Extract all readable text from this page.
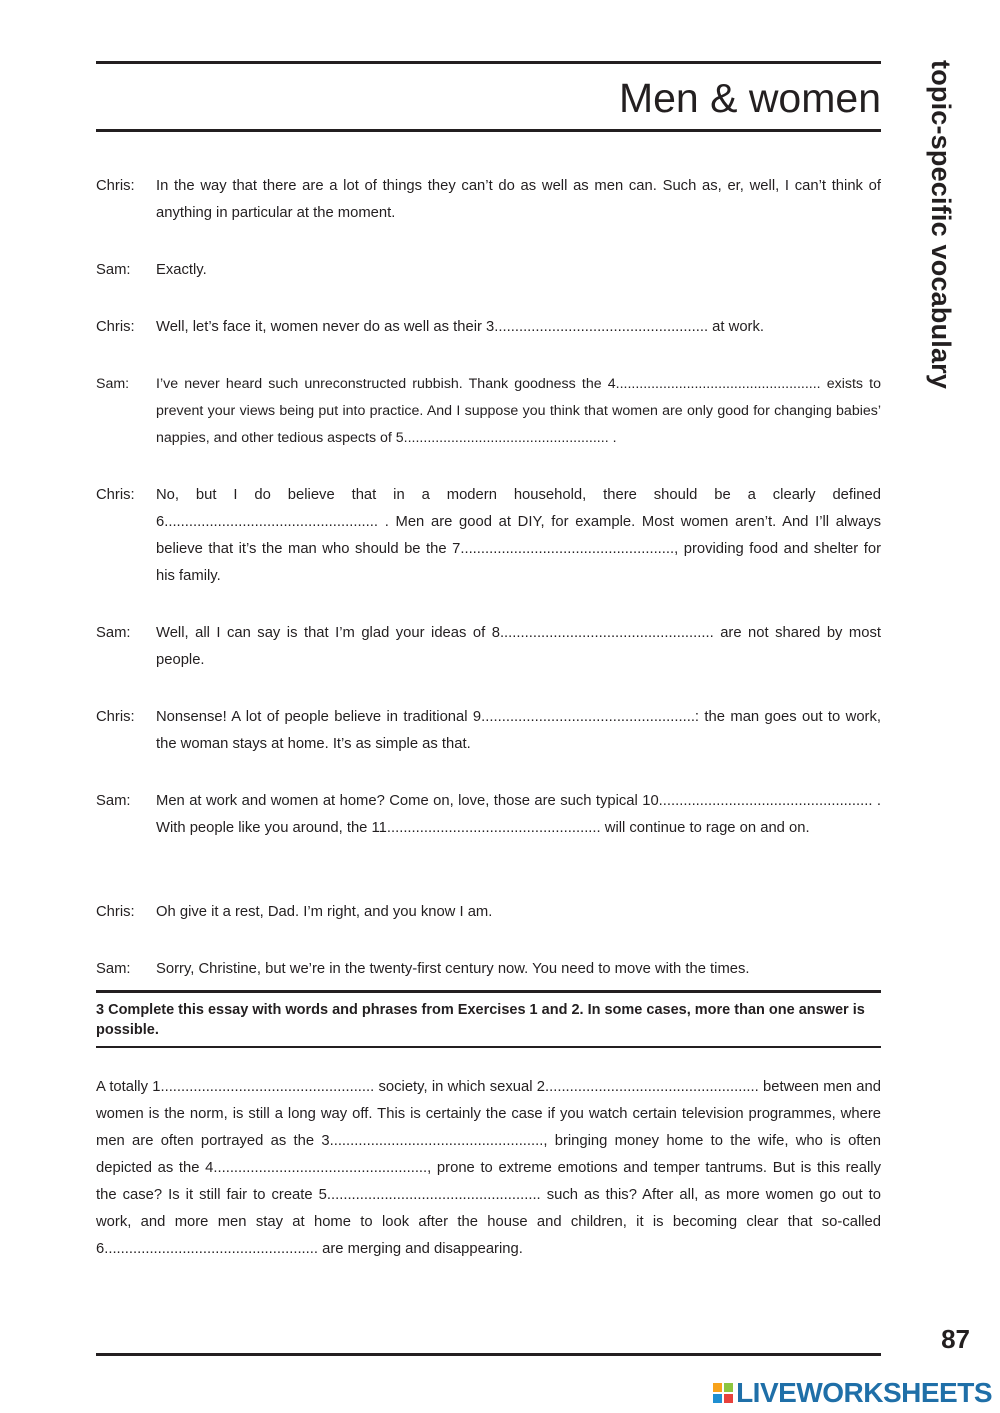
Men & women	topic-specific vocabulary
Chris: In the way that there are a lot of things they can’t do as well as men can. Such as, er, well, I can’t think of anything in particular at the moment.
Sam: Exactly.
Chris: Well, let’s face it, women never do as well as their 3.................................................... at work.
Sam: I’ve never heard such unreconstructed rubbish. Thank goodness the 4.................................................... exists to prevent your views being put into practice. And I suppose you think that women are only good for changing babies’ nappies, and other tedious aspects of 5.................................................... .
Chris: No, but I do believe that in a modern household, there should be a clearly defined 6.................................................... . Men are good at DIY, for example. Most women aren’t. And I’ll always believe that it’s the man who should be the 7...................................................., providing food and shelter for his family.
Sam: Well, all I can say is that I’m glad your ideas of 8.................................................... are not shared by most people.
Chris: Nonsense! A lot of people believe in traditional 9....................................................: the man goes out to work, the woman stays at home. It’s as simple as that.
Sam: Men at work and women at home? Come on, love, those are such typical 10.................................................... . With people like you around, the 11.................................................... will continue to rage on and on.
Chris: Oh give it a rest, Dad. I’m right, and you know I am.
Sam: Sorry, Christine, but we’re in the twenty-first century now. You need to move with the times.

3 Complete this essay with words and phrases from Exercises 1 and 2. In some cases, more than one answer is possible.

A totally 1.................................................... society, in which sexual 2.................................................... between men and women is the norm, is still a long way off. This is certainly the case if you watch certain television programmes, where men are often portrayed as the 3...................................................., bringing money home to the wife, who is often depicted as the 4...................................................., prone to extreme emotions and temper tantrums. But is this really the case? Is it still fair to create 5.................................................... such as this? After all, as more women go out to work, and more men stay at home to look after the house and children, it is becoming clear that so-called 6.................................................... are merging and disappearing.

87
LIVEWORKSHEETS
